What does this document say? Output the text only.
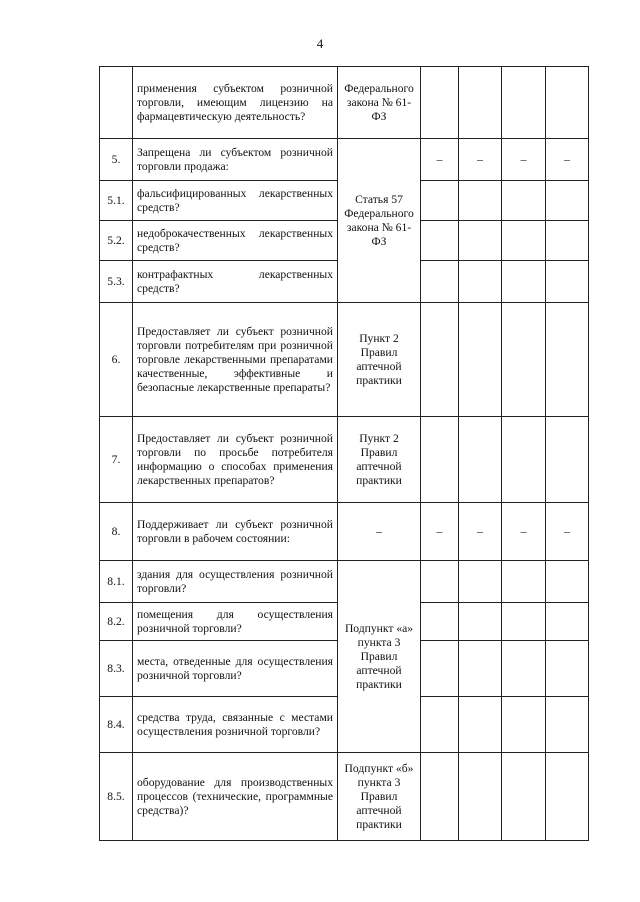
4
	применения субъектом розничной торговли, имеющим лицензию на фармацевтическую деятельность?	Федерального закона № 61-ФЗ				
5.	Запрещена ли субъектом розничной торговли продажа:	Статья 57 Федерального закона № 61-ФЗ	–	–	–	–
5.1.	фальсифицированных лекарственных средств?					
5.2.	недоброкачественных лекарственных средств?					
5.3.	контрафактных лекарственных средств?					
6.	Предоставляет ли субъект розничной торговли потребителям при розничной торговле лекарственными препаратами качественные, эффективные и безопасные лекарственные препараты?	Пункт 2 Правил аптечной практики				
7.	Предоставляет ли субъект розничной торговли по просьбе потребителя информацию о способах применения лекарственных препаратов?	Пункт 2 Правил аптечной практики				
8.	Поддерживает ли субъект розничной торговли в рабочем состоянии:	–	–	–	–	–
8.1.	здания для осуществления розничной торговли?	Подпункт «а» пункта 3 Правил аптечной практики				
8.2.	помещения для осуществления розничной торговли?					
8.3.	места, отведенные для осуществления розничной торговли?					
8.4.	средства труда, связанные с местами осуществления розничной торговли?					
8.5.	оборудование для производственных процессов (технические, программные средства)?	Подпункт «б» пункта 3 Правил аптечной практики				
